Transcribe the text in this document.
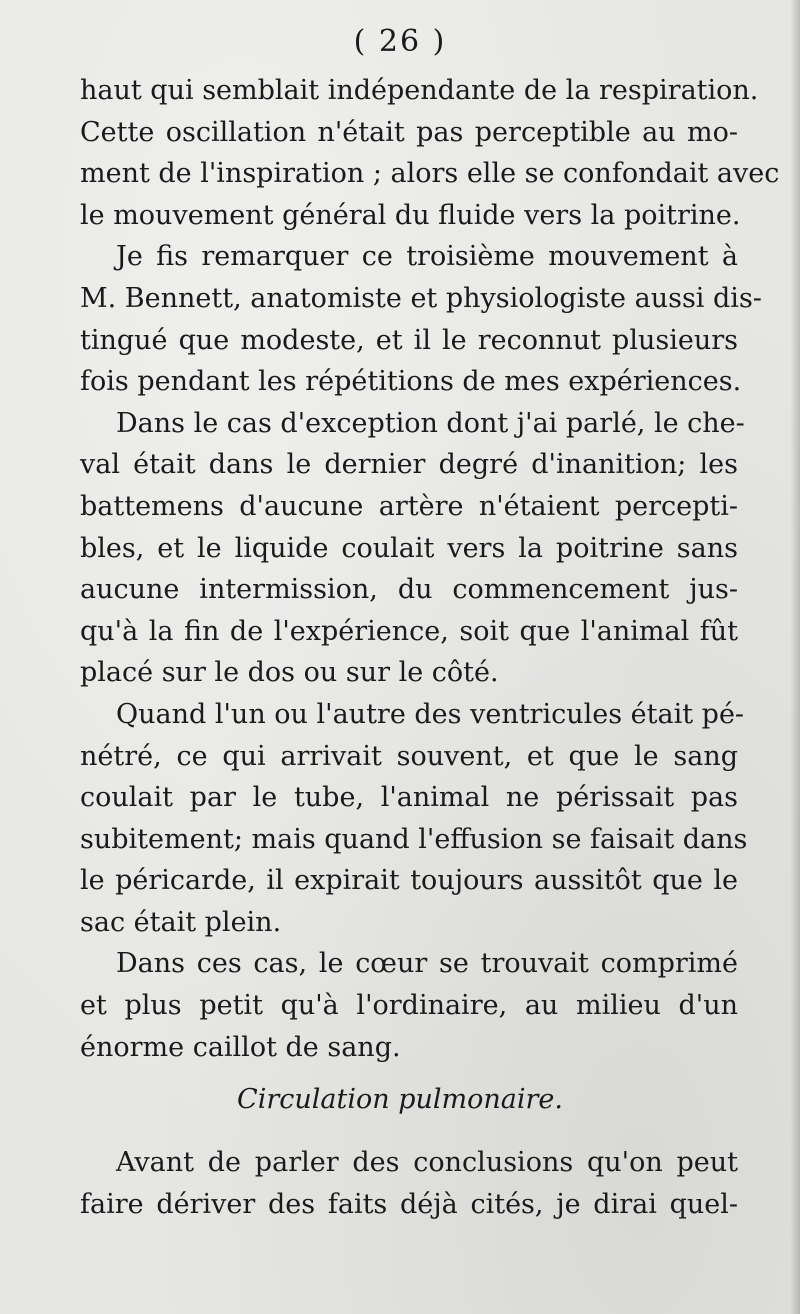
( 26 )
haut qui semblait indépendante de la respiration.
Cette oscillation n'était pas perceptible au mo-
ment de l'inspiration ; alors elle se confondait avec
le mouvement général du fluide vers la poitrine.
Je fis remarquer ce troisième mouvement à
M. Bennett, anatomiste et physiologiste aussi dis-
tingué que modeste, et il le reconnut plusieurs
fois pendant les répétitions de mes expériences.
Dans le cas d'exception dont j'ai parlé, le che-
val était dans le dernier degré d'inanition; les
battemens d'aucune artère n'étaient percepti-
bles, et le liquide coulait vers la poitrine sans
aucune intermission, du commencement jus-
qu'à la fin de l'expérience, soit que l'animal fût
placé sur le dos ou sur le côté.
Quand l'un ou l'autre des ventricules était pé-
nétré, ce qui arrivait souvent, et que le sang
coulait par le tube, l'animal ne périssait pas
subitement; mais quand l'effusion se faisait dans
le péricarde, il expirait toujours aussitôt que le
sac était plein.
Dans ces cas, le cœur se trouvait comprimé
et plus petit qu'à l'ordinaire, au milieu d'un
énorme caillot de sang.
Circulation pulmonaire.
Avant de parler des conclusions qu'on peut
faire dériver des faits déjà cités, je dirai quel-
